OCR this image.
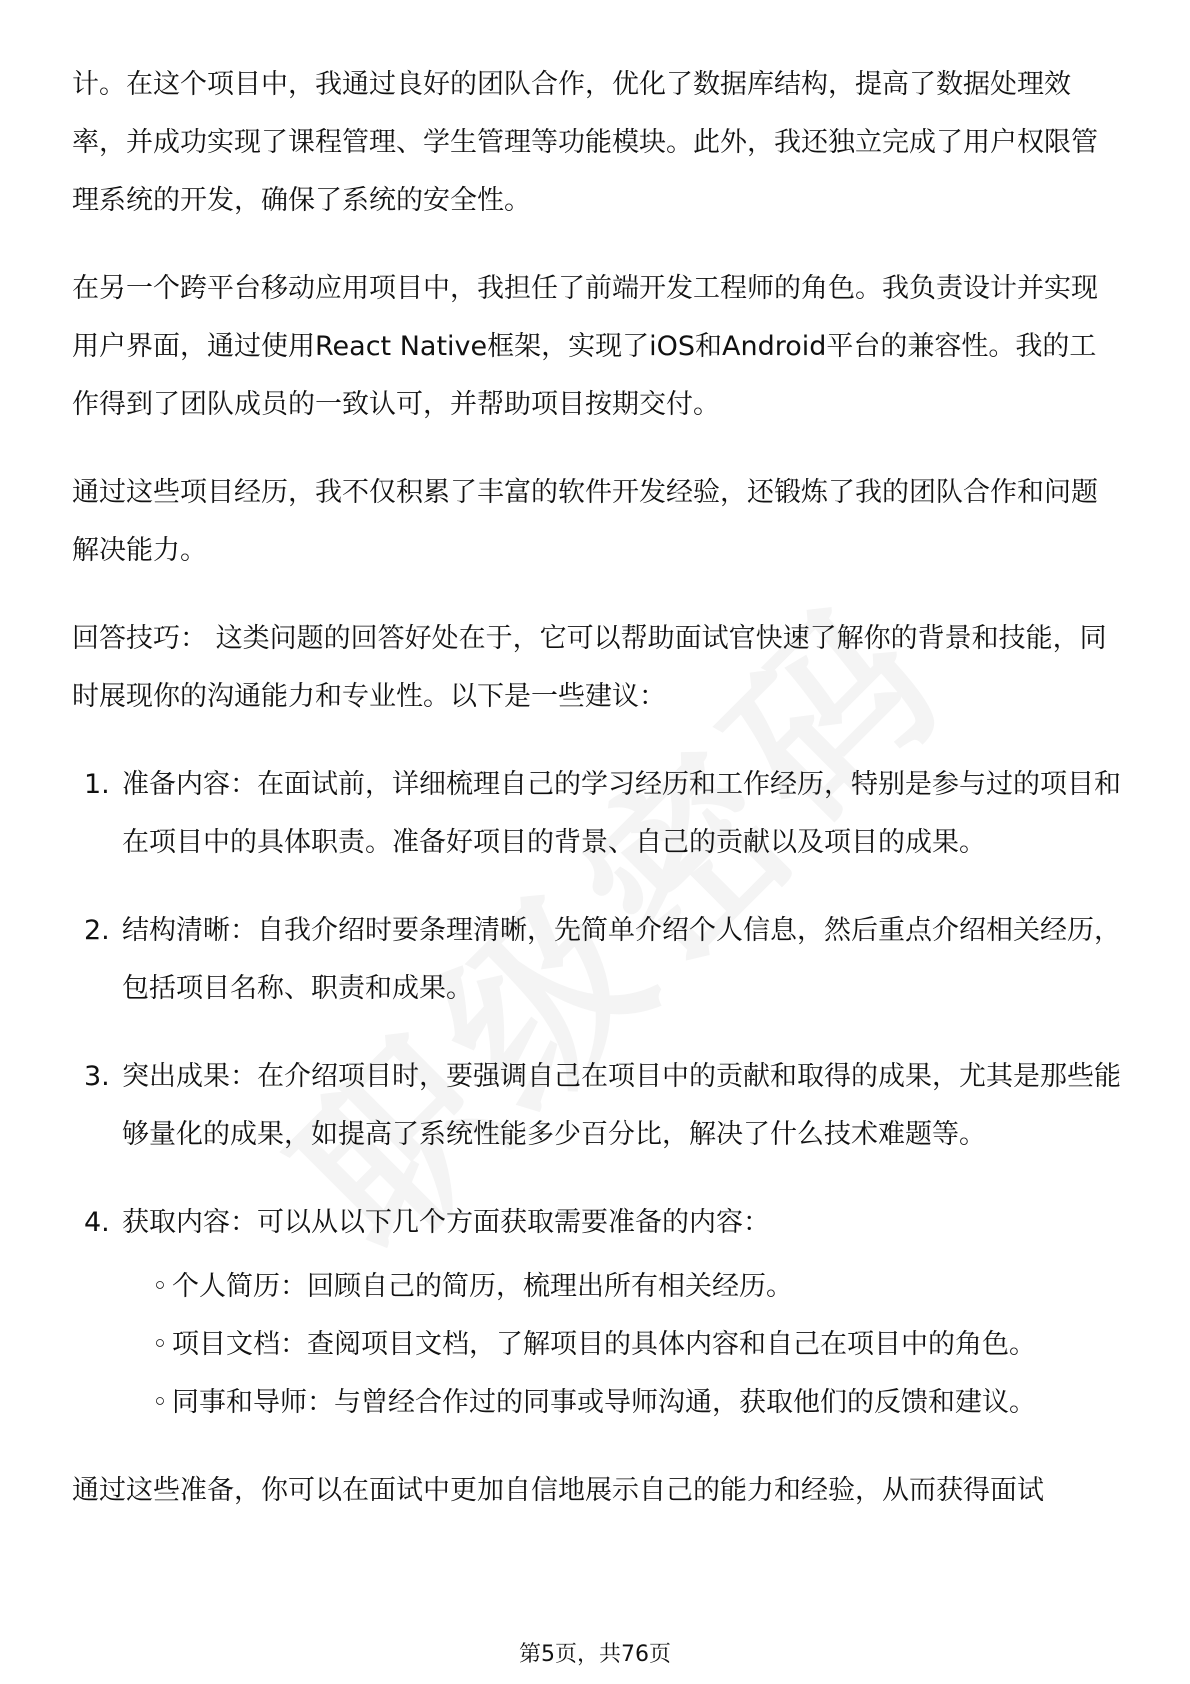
计。在这个项目中，我通过良好的团队合作，优化了数据库结构，提高了数据处理效率，并成功实现了课程管理、学生管理等功能模块。此外，我还独立完成了用户权限管理系统的开发，确保了系统的安全性。

在另一个跨平台移动应用项目中，我担任了前端开发工程师的角色。我负责设计并实现用户界面，通过使用React Native框架，实现了iOS和Android平台的兼容性。我的工作得到了团队成员的一致认可，并帮助项目按期交付。

通过这些项目经历，我不仅积累了丰富的软件开发经验，还锻炼了我的团队合作和问题解决能力。

回答技巧： 这类问题的回答好处在于，它可以帮助面试官快速了解你的背景和技能，同时展现你的沟通能力和专业性。以下是一些建议：

1. 准备内容：在面试前，详细梳理自己的学习经历和工作经历，特别是参与过的项目和在项目中的具体职责。准备好项目的背景、自己的贡献以及项目的成果。
2. 结构清晰：自我介绍时要条理清晰，先简单介绍个人信息，然后重点介绍相关经历，包括项目名称、职责和成果。
3. 突出成果：在介绍项目时，要强调自己在项目中的贡献和取得的成果，尤其是那些能够量化的成果，如提高了系统性能多少百分比，解决了什么技术难题等。
4. 获取内容：可以从以下几个方面获取需要准备的内容：
◦ 个人简历：回顾自己的简历，梳理出所有相关经历。
◦ 项目文档：查阅项目文档，了解项目的具体内容和自己在项目中的角色。
◦ 同事和导师：与曾经合作过的同事或导师沟通，获取他们的反馈和建议。

通过这些准备，你可以在面试中更加自信地展示自己的能力和经验，从而获得面试

第5页，共76页
